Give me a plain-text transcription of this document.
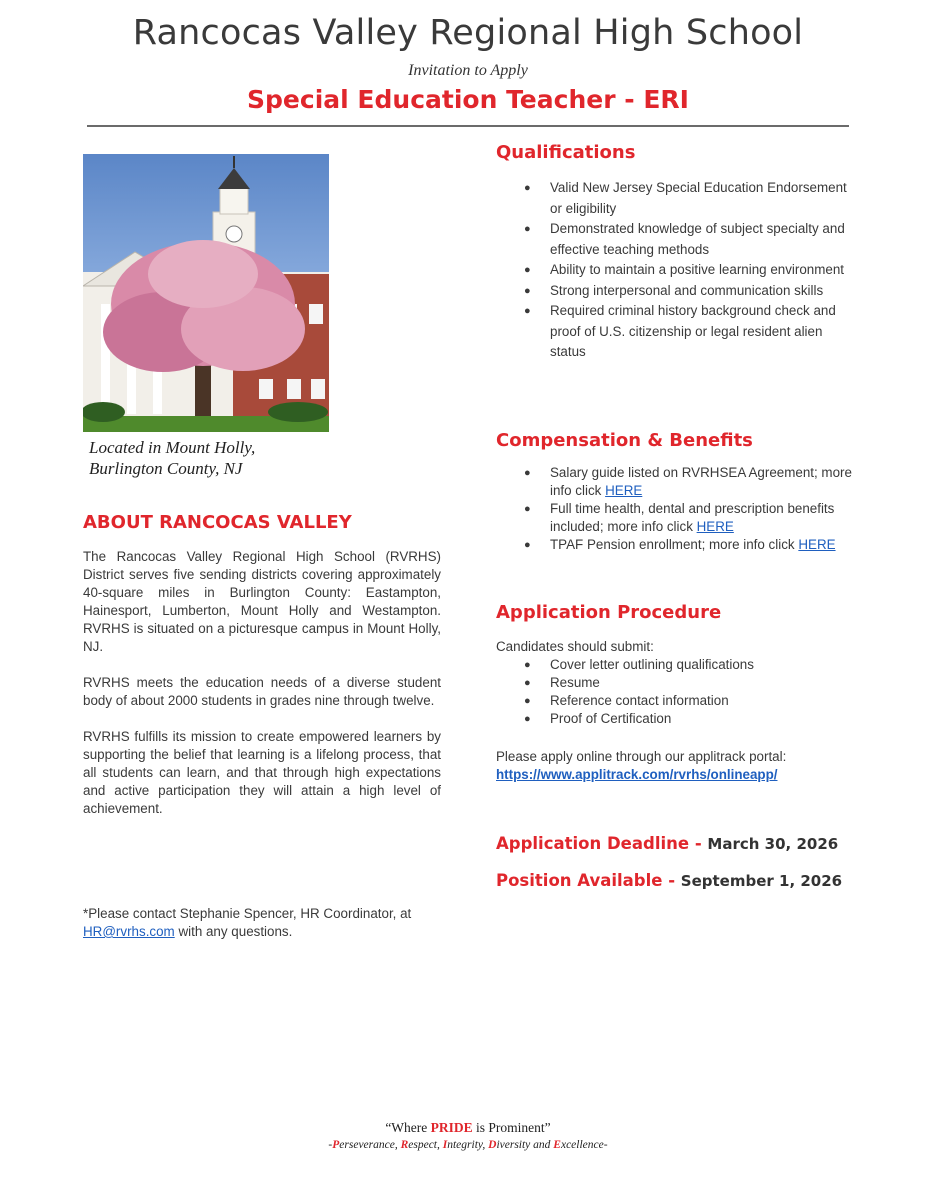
Rancocas Valley Regional High School
Invitation to Apply
Special Education Teacher - ERI
Located in Mount Holly,
Burlington County, NJ
ABOUT RANCOCAS VALLEY

The Rancocas Valley Regional High School (RVRHS) District serves five sending districts covering approximately 40-square miles in Burlington County: Eastampton, Hainesport, Lumberton, Mount Holly and Westampton. RVRHS is situated on a picturesque campus in Mount Holly, NJ.

RVRHS meets the education needs of a diverse student body of about 2000 students in grades nine through twelve.

RVRHS fulfills its mission to create empowered learners by supporting the belief that learning is a lifelong process, that all students can learn, and that through high expectations and active participation they will attain a high level of achievement.

*Please contact Stephanie Spencer, HR Coordinator, at HR@rvrhs.com with any questions.
Qualifications
● Valid New Jersey Special Education Endorsement or eligibility
● Demonstrated knowledge of subject specialty and effective teaching methods
● Ability to maintain a positive learning environment
● Strong interpersonal and communication skills
● Required criminal history background check and proof of U.S. citizenship or legal resident alien status
Compensation & Benefits
● Salary guide listed on RVRHSEA Agreement; more info click HERE
● Full time health, dental and prescription benefits included; more info click HERE
● TPAF Pension enrollment; more info click HERE
Application Procedure
Candidates should submit:
● Cover letter outlining qualifications
● Resume
● Reference contact information
● Proof of Certification
Please apply online through our applitrack portal:
https://www.applitrack.com/rvrhs/onlineapp/
Application Deadline - March 30, 2026
Position Available - September 1, 2026
“Where PRIDE is Prominent”
-Perseverance, Respect, Integrity, Diversity and Excellence-
